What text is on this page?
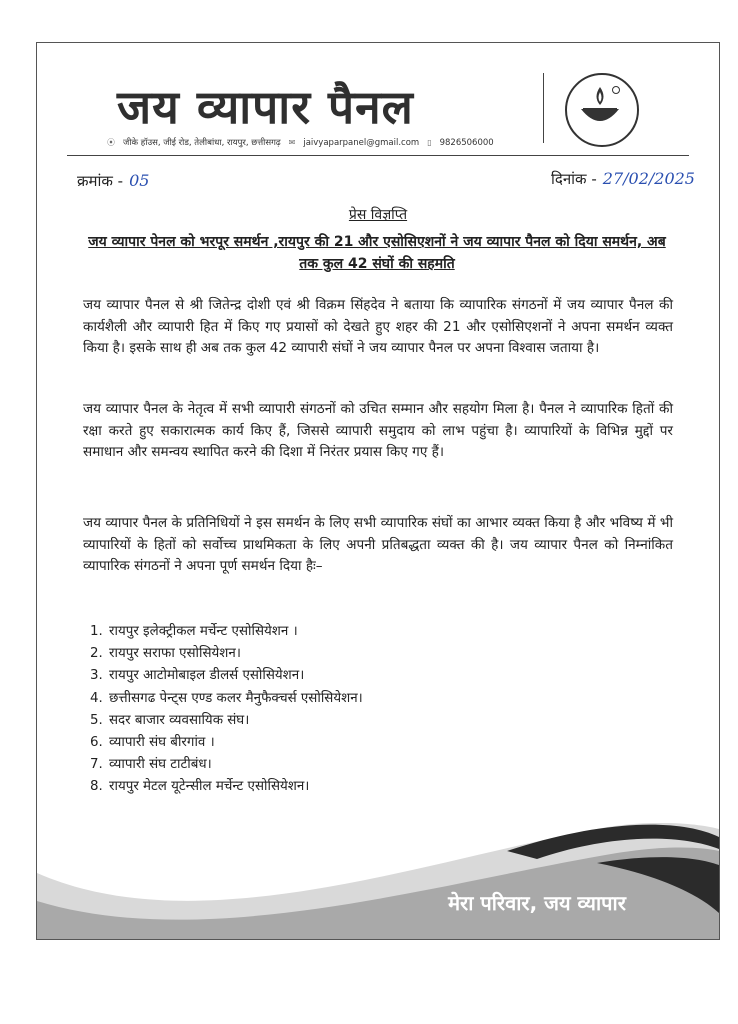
जय व्यापार पैनल
⦿ जीके हॉउस, जीई रोड, तेलीबांधा, रायपुर, छत्तीसगढ़ ✉ jaivyaparpanel@gmail.com ▯ 9826506000
क्रमांक - 05	दिनांक - 27/02/2025
प्रेस विज्ञप्ति
जय व्यापार पेनल को भरपूर समर्थन ,रायपुर की 21 और एसोसिएशनों ने जय व्यापार पैनल को दिया समर्थन, अब तक कुल 42 संघों की सहमति
जय व्यापार पैनल से श्री जितेन्द्र दोशी एवं श्री विक्रम सिंहदेव ने बताया कि व्यापारिक संगठनों में जय व्यापार पैनल की कार्यशैली और व्यापारी हित में किए गए प्रयासों को देखते हुए शहर की 21 और एसोसिएशनों ने अपना समर्थन व्यक्त किया है। इसके साथ ही अब तक कुल 42 व्यापारी संघों ने जय व्यापार पैनल पर अपना विश्वास जताया है।
जय व्यापार पैनल के नेतृत्व में सभी व्यापारी संगठनों को उचित सम्मान और सहयोग मिला है। पैनल ने व्यापारिक हितों की रक्षा करते हुए सकारात्मक कार्य किए हैं, जिससे व्यापारी समुदाय को लाभ पहुंचा है। व्यापारियों के विभिन्न मुद्दों पर समाधान और समन्वय स्थापित करने की दिशा में निरंतर प्रयास किए गए हैं।
जय व्यापार पैनल के प्रतिनिधियों ने इस समर्थन के लिए सभी व्यापारिक संघों का आभार व्यक्त किया है और भविष्य में भी व्यापारियों के हितों को सर्वोच्च प्राथमिकता के लिए अपनी प्रतिबद्धता व्यक्त की है। जय व्यापार पैनल को निम्नांकित व्यापारिक संगठनों ने अपना पूर्ण समर्थन दिया हैः–
1. रायपुर इलेक्ट्रीकल मर्चेन्ट एसोसियेशन ।
2. रायपुर सराफा एसोसियेशन।
3. रायपुर आटोमोबाइल डीलर्स एसोसियेशन।
4. छत्तीसगढ पेन्ट्स एण्ड कलर मैनुफैक्चर्स एसोसियेशन।
5. सदर बाजार व्यवसायिक संघ।
6. व्यापारी संघ बीरगांव ।
7. व्यापारी संघ टाटीबंध।
8. रायपुर मेटल यूटेन्सील मर्चेन्ट एसोसियेशन।
मेरा परिवार, जय व्यापार
